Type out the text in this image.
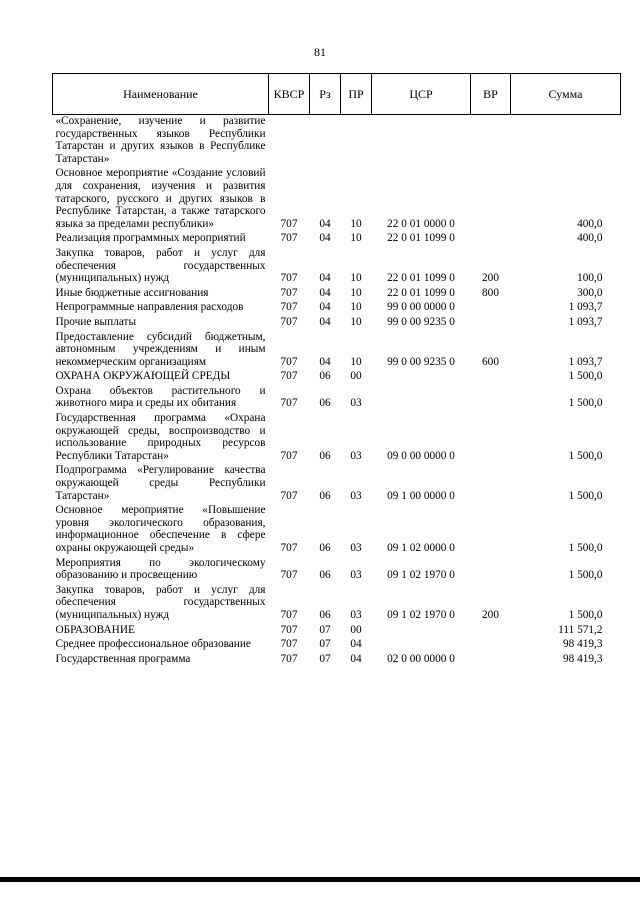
81
Наименование	КВСР	Рз	ПР	ЦСР	ВР	Сумма
«Сохранение, изучение и развитие государственных языков Республики Татарстан и других языков в Республике Татарстан»						
Основное мероприятие «Создание условий для сохранения, изучения и развития татарского, русского и других языков в Республике Татарстан, а также татарского языка за пределами республики»	707	04	10	22 0 01 0000 0		400,0
Реализация программных мероприятий	707	04	10	22 0 01 1099 0		400,0
Закупка товаров, работ и услуг для обеспечения государственных (муниципальных) нужд	707	04	10	22 0 01 1099 0	200	100,0
Иные бюджетные ассигнования	707	04	10	22 0 01 1099 0	800	300,0
Непрограммные направления расходов	707	04	10	99 0 00 0000 0		1 093,7
Прочие выплаты	707	04	10	99 0 00 9235 0		1 093,7
Предоставление субсидий бюджетным, автономным учреждениям и иным некоммерческим организациям	707	04	10	99 0 00 9235 0	600	1 093,7
ОХРАНА ОКРУЖАЮЩЕЙ СРЕДЫ	707	06	00			1 500,0
Охрана объектов растительного и животного мира и среды их обитания	707	06	03			1 500,0
Государственная программа «Охрана окружающей среды, воспроизводство и использование природных ресурсов Республики Татарстан»	707	06	03	09 0 00 0000 0		1 500,0
Подпрограмма «Регулирование качества окружающей среды Республики Татарстан»	707	06	03	09 1 00 0000 0		1 500,0
Основное мероприятие «Повышение уровня экологического образования, информационное обеспечение в сфере охраны окружающей среды»	707	06	03	09 1 02 0000 0		1 500,0
Мероприятия по экологическому образованию и просвещению	707	06	03	09 1 02 1970 0		1 500,0
Закупка товаров, работ и услуг для обеспечения государственных (муниципальных) нужд	707	06	03	09 1 02 1970 0	200	1 500,0
ОБРАЗОВАНИЕ	707	07	00			111 571,2
Среднее профессиональное образование	707	07	04			98 419,3
Государственная программа	707	07	04	02 0 00 0000 0		98 419,3
